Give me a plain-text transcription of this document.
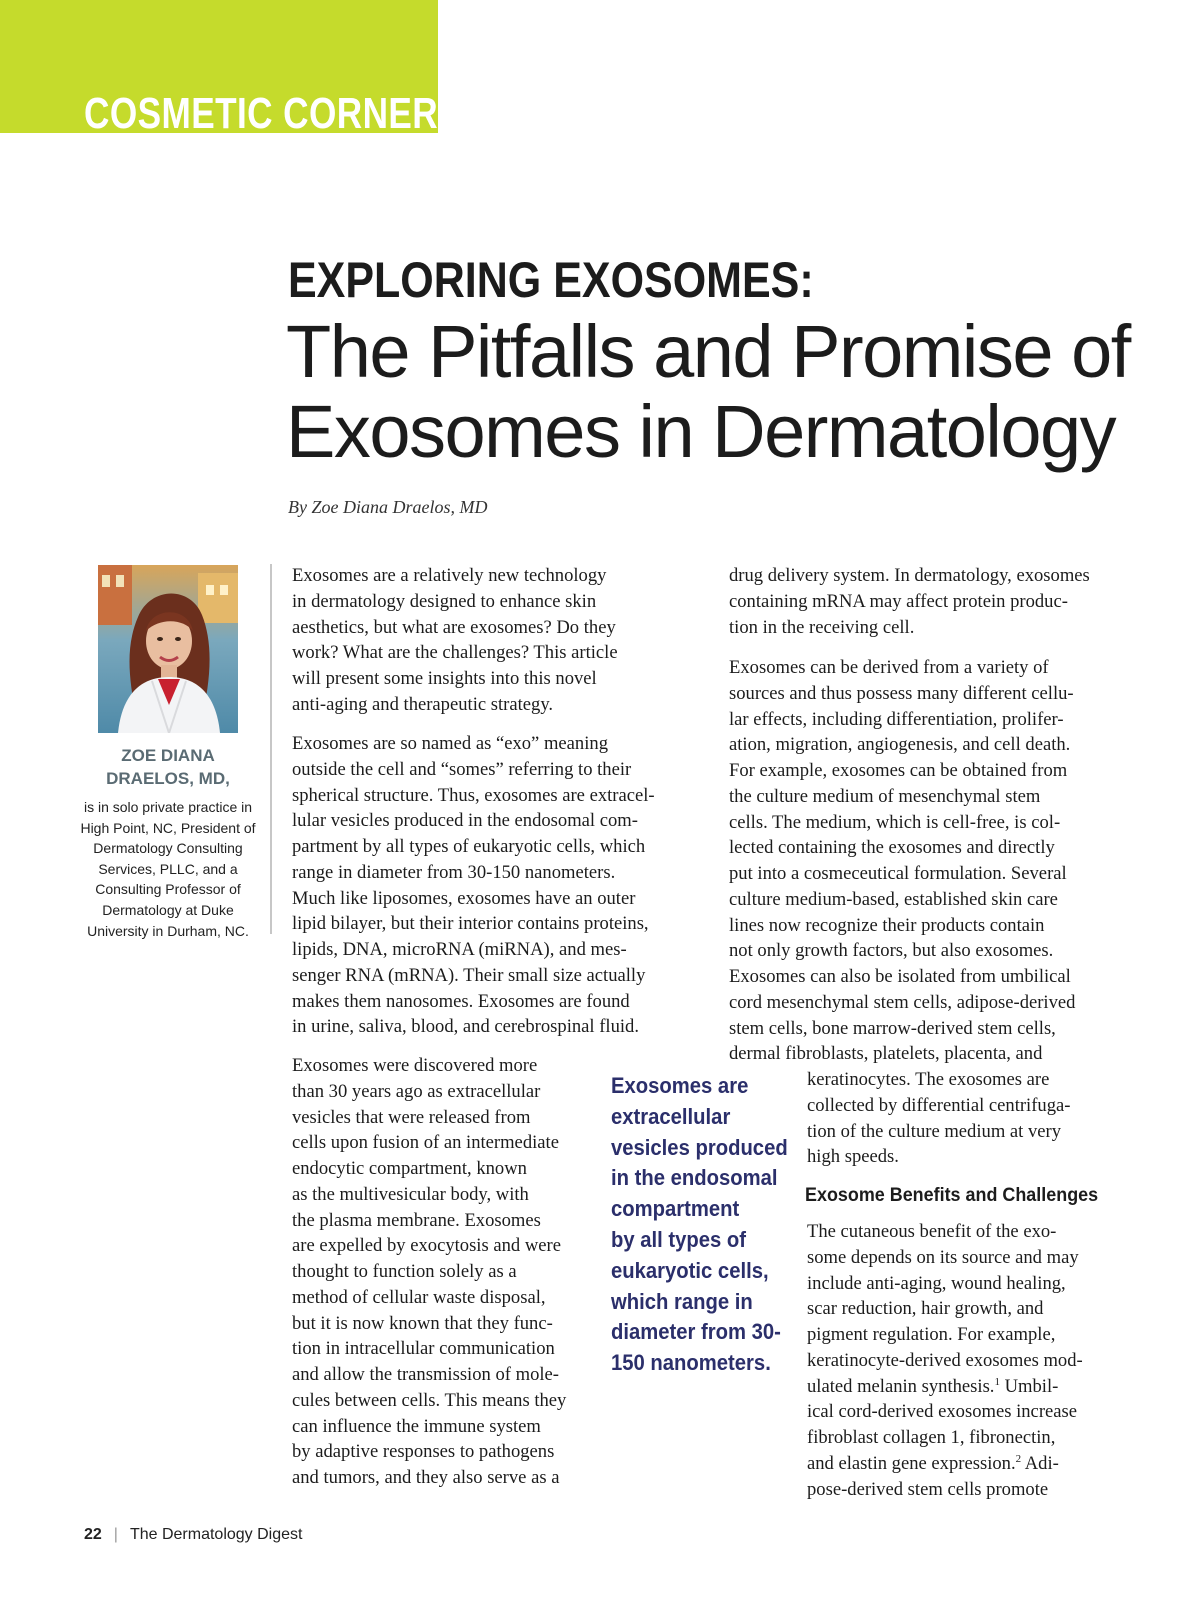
COSMETIC CORNER
EXPLORING EXOSOMES:
The Pitfalls and Promise of
Exosomes in Dermatology

By Zoe Diana Draelos, MD

ZOE DIANA
DRAELOS, MD,

is in solo private practice in High Point, NC, President of Dermatology Consulting Services, PLLC, and a Consulting Professor of Dermatology at Duke University in Durham, NC.

Exosomes are a relatively new technology
in dermatology designed to enhance skin
aesthetics, but what are exosomes? Do they
work? What are the challenges? This article
will present some insights into this novel
anti-aging and therapeutic strategy.

Exosomes are so named as “exo” meaning
outside the cell and “somes” referring to their
spherical structure. Thus, exosomes are extracel-
lular vesicles produced in the endosomal com-
partment by all types of eukaryotic cells, which
range in diameter from 30-150 nanometers.
Much like liposomes, exosomes have an outer
lipid bilayer, but their interior contains proteins,
lipids, DNA, microRNA (miRNA), and mes-
senger RNA (mRNA). Their small size actually
makes them nanosomes. Exosomes are found
in urine, saliva, blood, and cerebrospinal fluid.

Exosomes were discovered more
than 30 years ago as extracellular
vesicles that were released from
cells upon fusion of an intermediate
endocytic compartment, known
as the multivesicular body, with
the plasma membrane. Exosomes
are expelled by exocytosis and were
thought to function solely as a
method of cellular waste disposal,
but it is now known that they func-
tion in intracellular communication
and allow the transmission of mole-
cules between cells. This means they
can influence the immune system
by adaptive responses to pathogens
and tumors, and they also serve as a

Exosomes are
extracellular
vesicles produced
in the endosomal
compartment
by all types of
eukaryotic cells,
which range in
diameter from 30-
150 nanometers.

drug delivery system. In dermatology, exosomes
containing mRNA may affect protein produc-
tion in the receiving cell.

Exosomes can be derived from a variety of
sources and thus possess many different cellu-
lar effects, including differentiation, prolifer-
ation, migration, angiogenesis, and cell death.
For example, exosomes can be obtained from
the culture medium of mesenchymal stem
cells. The medium, which is cell-free, is col-
lected containing the exosomes and directly
put into a cosmeceutical formulation. Several
culture medium-based, established skin care
lines now recognize their products contain
not only growth factors, but also exosomes.
Exosomes can also be isolated from umbilical
cord mesenchymal stem cells, adipose-derived
stem cells, bone marrow-derived stem cells,
dermal fibroblasts, platelets, placenta, and

keratinocytes. The exosomes are
collected by differential centrifuga-
tion of the culture medium at very
high speeds.

Exosome Benefits and Challenges

The cutaneous benefit of the exo-
some depends on its source and may
include anti-aging, wound healing,
scar reduction, hair growth, and
pigment regulation. For example,
keratinocyte-derived exosomes mod-
ulated melanin synthesis.$^1$ Umbil-
ical cord-derived exosomes increase
fibroblast collagen 1, fibronectin,
and elastin gene expression.$^2$ Adi-
pose-derived stem cells promote

22 | The Dermatology Digest
